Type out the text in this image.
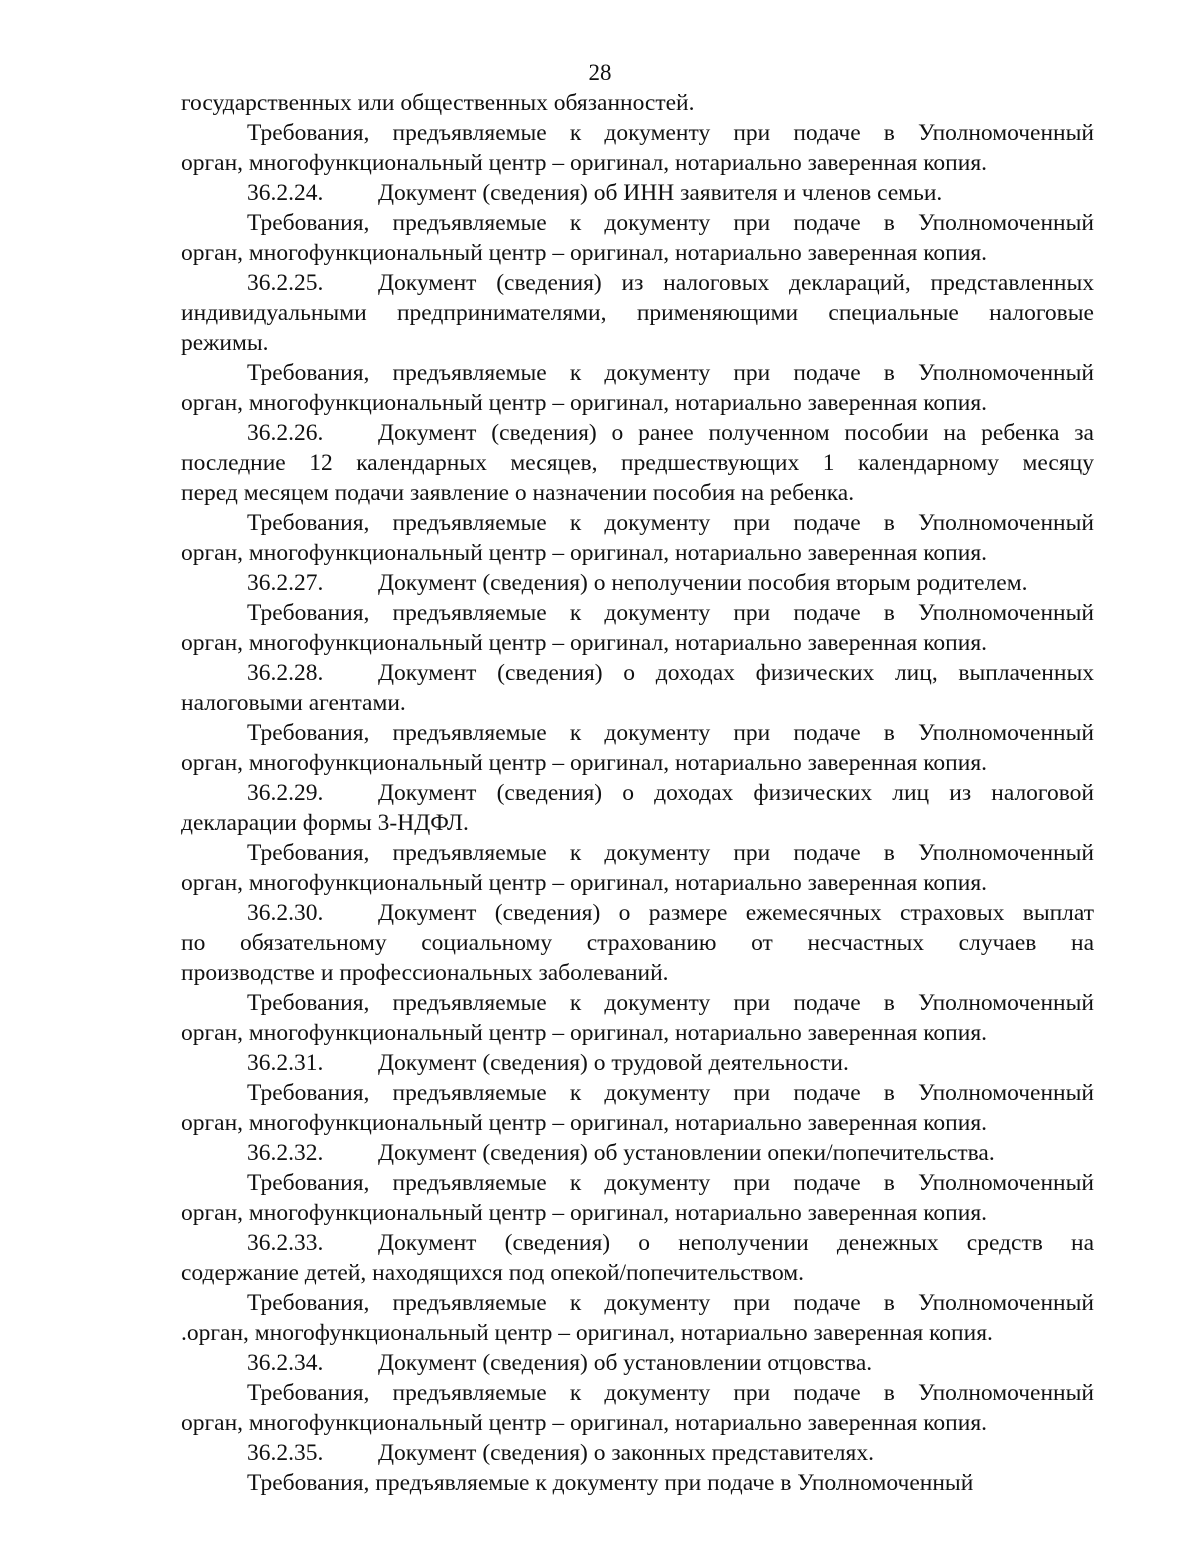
28
государственных или общественных обязанностей.
Требования, предъявляемые к документу при подаче в Уполномоченный
орган, многофункциональный центр – оригинал, нотариально заверенная копия.
36.2.24. Документ (сведения) об ИНН заявителя и членов семьи.
Требования, предъявляемые к документу при подаче в Уполномоченный
орган, многофункциональный центр – оригинал, нотариально заверенная копия.
36.2.25. Документ (сведения) из налоговых деклараций, представленных
индивидуальными предпринимателями, применяющими специальные налоговые
режимы.
Требования, предъявляемые к документу при подаче в Уполномоченный
орган, многофункциональный центр – оригинал, нотариально заверенная копия.
36.2.26. Документ (сведения) о ранее полученном пособии на ребенка за
последние 12 календарных месяцев, предшествующих 1 календарному месяцу
перед месяцем подачи заявление о назначении пособия на ребенка.
Требования, предъявляемые к документу при подаче в Уполномоченный
орган, многофункциональный центр – оригинал, нотариально заверенная копия.
36.2.27. Документ (сведения) о неполучении пособия вторым родителем.
Требования, предъявляемые к документу при подаче в Уполномоченный
орган, многофункциональный центр – оригинал, нотариально заверенная копия.
36.2.28. Документ (сведения) о доходах физических лиц, выплаченных
налоговыми агентами.
Требования, предъявляемые к документу при подаче в Уполномоченный
орган, многофункциональный центр – оригинал, нотариально заверенная копия.
36.2.29. Документ (сведения) о доходах физических лиц из налоговой
декларации формы 3-НДФЛ.
Требования, предъявляемые к документу при подаче в Уполномоченный
орган, многофункциональный центр – оригинал, нотариально заверенная копия.
36.2.30. Документ (сведения) о размере ежемесячных страховых выплат
по обязательному социальному страхованию от несчастных случаев на
производстве и профессиональных заболеваний.
Требования, предъявляемые к документу при подаче в Уполномоченный
орган, многофункциональный центр – оригинал, нотариально заверенная копия.
36.2.31. Документ (сведения) о трудовой деятельности.
Требования, предъявляемые к документу при подаче в Уполномоченный
орган, многофункциональный центр – оригинал, нотариально заверенная копия.
36.2.32. Документ (сведения) об установлении опеки/попечительства.
Требования, предъявляемые к документу при подаче в Уполномоченный
орган, многофункциональный центр – оригинал, нотариально заверенная копия.
36.2.33. Документ (сведения) о неполучении денежных средств на
содержание детей, находящихся под опекой/попечительством.
Требования, предъявляемые к документу при подаче в Уполномоченный
.орган, многофункциональный центр – оригинал, нотариально заверенная копия.
36.2.34. Документ (сведения) об установлении отцовства.
Требования, предъявляемые к документу при подаче в Уполномоченный
орган, многофункциональный центр – оригинал, нотариально заверенная копия.
36.2.35. Документ (сведения) о законных представителях.
Требования, предъявляемые к документу при подаче в Уполномоченный
